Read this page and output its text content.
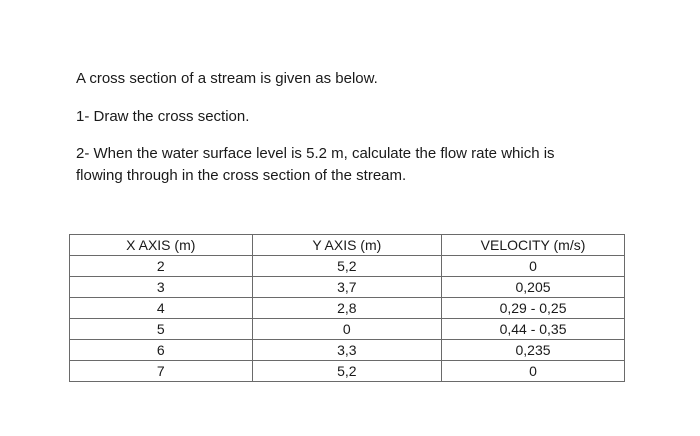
A cross section of a stream is given as below.

1- Draw the cross section.

2- When the water surface level is 5.2 m, calculate the flow rate which is
flowing through in the cross section of the stream.

X AXIS (m)	Y AXIS (m)	VELOCITY (m/s)
2	5,2	0
3	3,7	0,205
4	2,8	0,29 - 0,25
5	0	0,44 - 0,35
6	3,3	0,235
7	5,2	0
